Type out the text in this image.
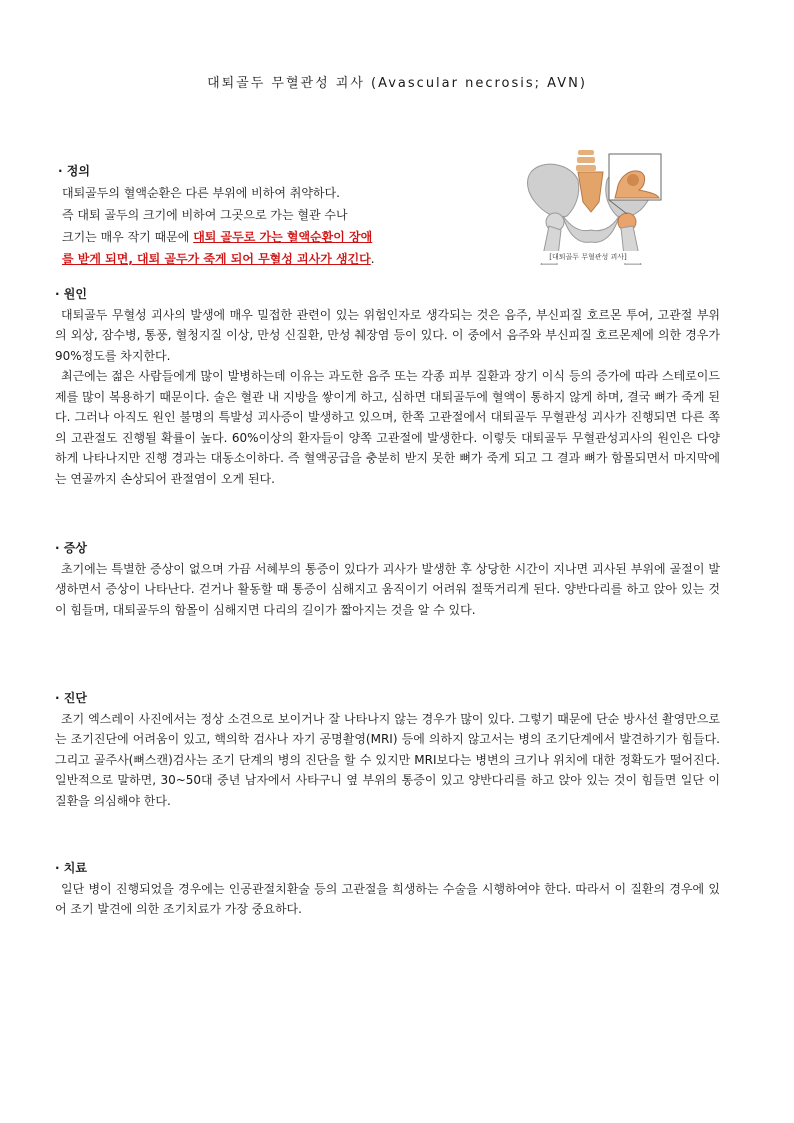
대퇴골두 무혈관성 괴사 (Avascular necrosis; AVN)
· 정의
대퇴골두의 혈액순환은 다른 부위에 비하여 취약하다.
즉 대퇴 골두의 크기에 비하여 그곳으로 가는 혈관 수나
크기는 매우 작기 때문에 대퇴 골두로 가는 혈액순환이 장애
를 받게 되면, 대퇴 골두가 죽게 되어 무혈성 괴사가 생긴다.	[대퇴골두 무혈관성 괴사]
· 원인

대퇴골두 무혈성 괴사의 발생에 매우 밀접한 관련이 있는 위험인자로 생각되는 것은 음주, 부신피질 호르몬 투여, 고관절 부위의 외상, 잠수병, 통풍, 혈청지질 이상, 만성 신질환, 만성 췌장염 등이 있다. 이 중에서 음주와 부신피질 호르몬제에 의한 경우가 90%정도를 차지한다.

최근에는 젊은 사람들에게 많이 발병하는데 이유는 과도한 음주 또는 각종 피부 질환과 장기 이식 등의 증가에 따라 스테로이드제를 많이 복용하기 때문이다. 술은 혈관 내 지방을 쌓이게 하고, 심하면 대퇴골두에 혈액이 통하지 않게 하며, 결국 뼈가 죽게 된다. 그러나 아직도 원인 불명의 특발성 괴사증이 발생하고 있으며, 한쪽 고관절에서 대퇴골두 무혈관성 괴사가 진행되면 다른 쪽의 고관절도 진행될 확률이 높다. 60%이상의 환자들이 양쪽 고관절에 발생한다. 이렇듯 대퇴골두 무혈관성괴사의 원인은 다양하게 나타나지만 진행 경과는 대동소이하다. 즉 혈액공급을 충분히 받지 못한 뼈가 죽게 되고 그 결과 뼈가 함몰되면서 마지막에는 연골까지 손상되어 관절염이 오게 된다.

· 증상

초기에는 특별한 증상이 없으며 가끔 서혜부의 통증이 있다가 괴사가 발생한 후 상당한 시간이 지나면 괴사된 부위에 골절이 발생하면서 증상이 나타난다. 걷거나 활동할 때 통증이 심해지고 움직이기 어려워 절뚝거리게 된다. 양반다리를 하고 앉아 있는 것이 힘들며, 대퇴골두의 함몰이 심해지면 다리의 길이가 짧아지는 것을 알 수 있다.

· 진단

조기 엑스레이 사진에서는 정상 소견으로 보이거나 잘 나타나지 않는 경우가 많이 있다. 그렇기 때문에 단순 방사선 촬영만으로는 조기진단에 어려움이 있고, 핵의학 검사나 자기 공명촬영(MRI) 등에 의하지 않고서는 병의 조기단계에서 발견하기가 힘들다. 그리고 골주사(뼈스캔)검사는 조기 단계의 병의 진단을 할 수 있지만 MRI보다는 병변의 크기나 위치에 대한 정확도가 떨어진다. 일반적으로 말하면, 30~50대 중년 남자에서 사타구니 옆 부위의 통증이 있고 양반다리를 하고 앉아 있는 것이 힘들면 일단 이 질환을 의심해야 한다.

· 치료

일단 병이 진행되었을 경우에는 인공관절치환술 등의 고관절을 희생하는 수술을 시행하여야 한다. 따라서 이 질환의 경우에 있어 조기 발견에 의한 조기치료가 가장 중요하다.
